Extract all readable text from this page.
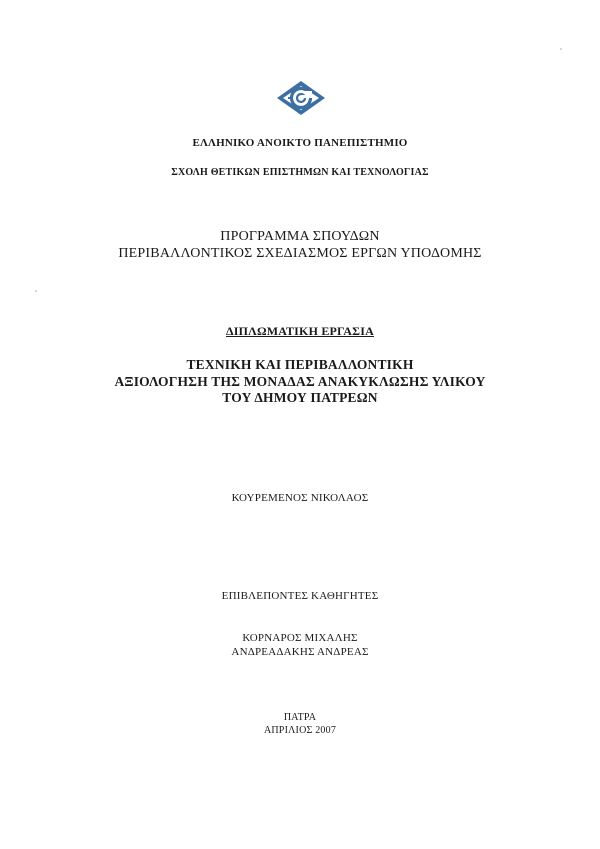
ΕΛΛΗΝΙΚΟ ΑΝΟΙΚΤΟ ΠΑΝΕΠΙΣΤΗΜΙΟ
ΣΧΟΛΗ ΘΕΤΙΚΩΝ ΕΠΙΣΤΗΜΩΝ ΚΑΙ ΤΕΧΝΟΛΟΓΙΑΣ
ΠΡΟΓΡΑΜΜΑ ΣΠΟΥΔΩΝ
ΠΕΡΙΒΑΛΛΟΝΤΙΚΟΣ ΣΧΕΔΙΑΣΜΟΣ ΕΡΓΩΝ ΥΠΟΔΟΜΗΣ
ΔΙΠΛΩΜΑΤΙΚΗ ΕΡΓΑΣΙΑ
ΤΕΧΝΙΚΗ ΚΑΙ ΠΕΡΙΒΑΛΛΟΝΤΙΚΗ
ΑΞΙΟΛΟΓΗΣΗ ΤΗΣ ΜΟΝΑΔΑΣ ΑΝΑΚΥΚΛΩΣΗΣ ΥΛΙΚΟΥ
ΤΟΥ ΔΗΜΟΥ ΠΑΤΡΕΩΝ
ΚΟΥΡΕΜΕΝΟΣ ΝΙΚΟΛΑΟΣ
ΕΠΙΒΛΕΠΟΝΤΕΣ ΚΑΘΗΓΗΤΕΣ
ΚΟΡΝΑΡΟΣ ΜΙΧΑΛΗΣ
ΑΝΔΡΕΑΔΑΚΗΣ ΑΝΔΡΕΑΣ
ΠΑΤΡΑ
ΑΠΡΙΛΙΟΣ 2007
